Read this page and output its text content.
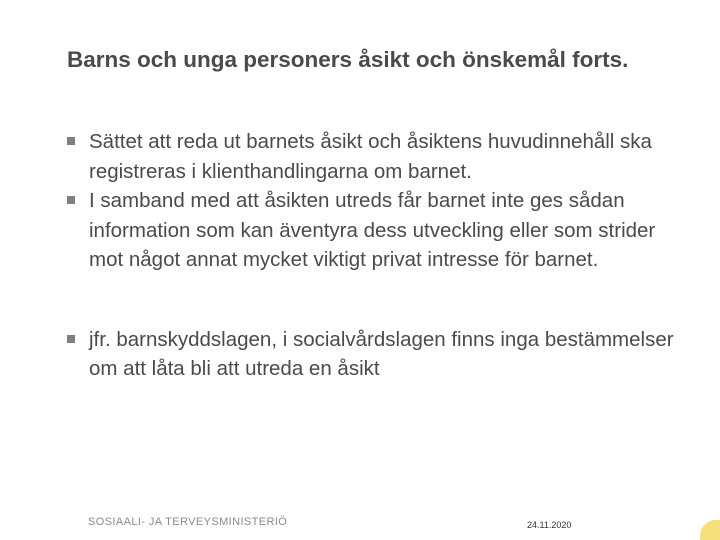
Barns och unga personers åsikt och önskemål forts.
Sättet att reda ut barnets åsikt och åsiktens huvudinnehåll ska registreras i klienthandlingarna om barnet.
I samband med att åsikten utreds får barnet inte ges sådan information som kan äventyra dess utveckling eller som strider mot något annat mycket viktigt privat intresse för barnet.
jfr. barnskyddslagen, i socialvårdslagen finns inga bestämmelser om att låta bli att utreda en åsikt
SOSIAALI- JA TERVEYSMINISTERIÖ	24.11.2020
